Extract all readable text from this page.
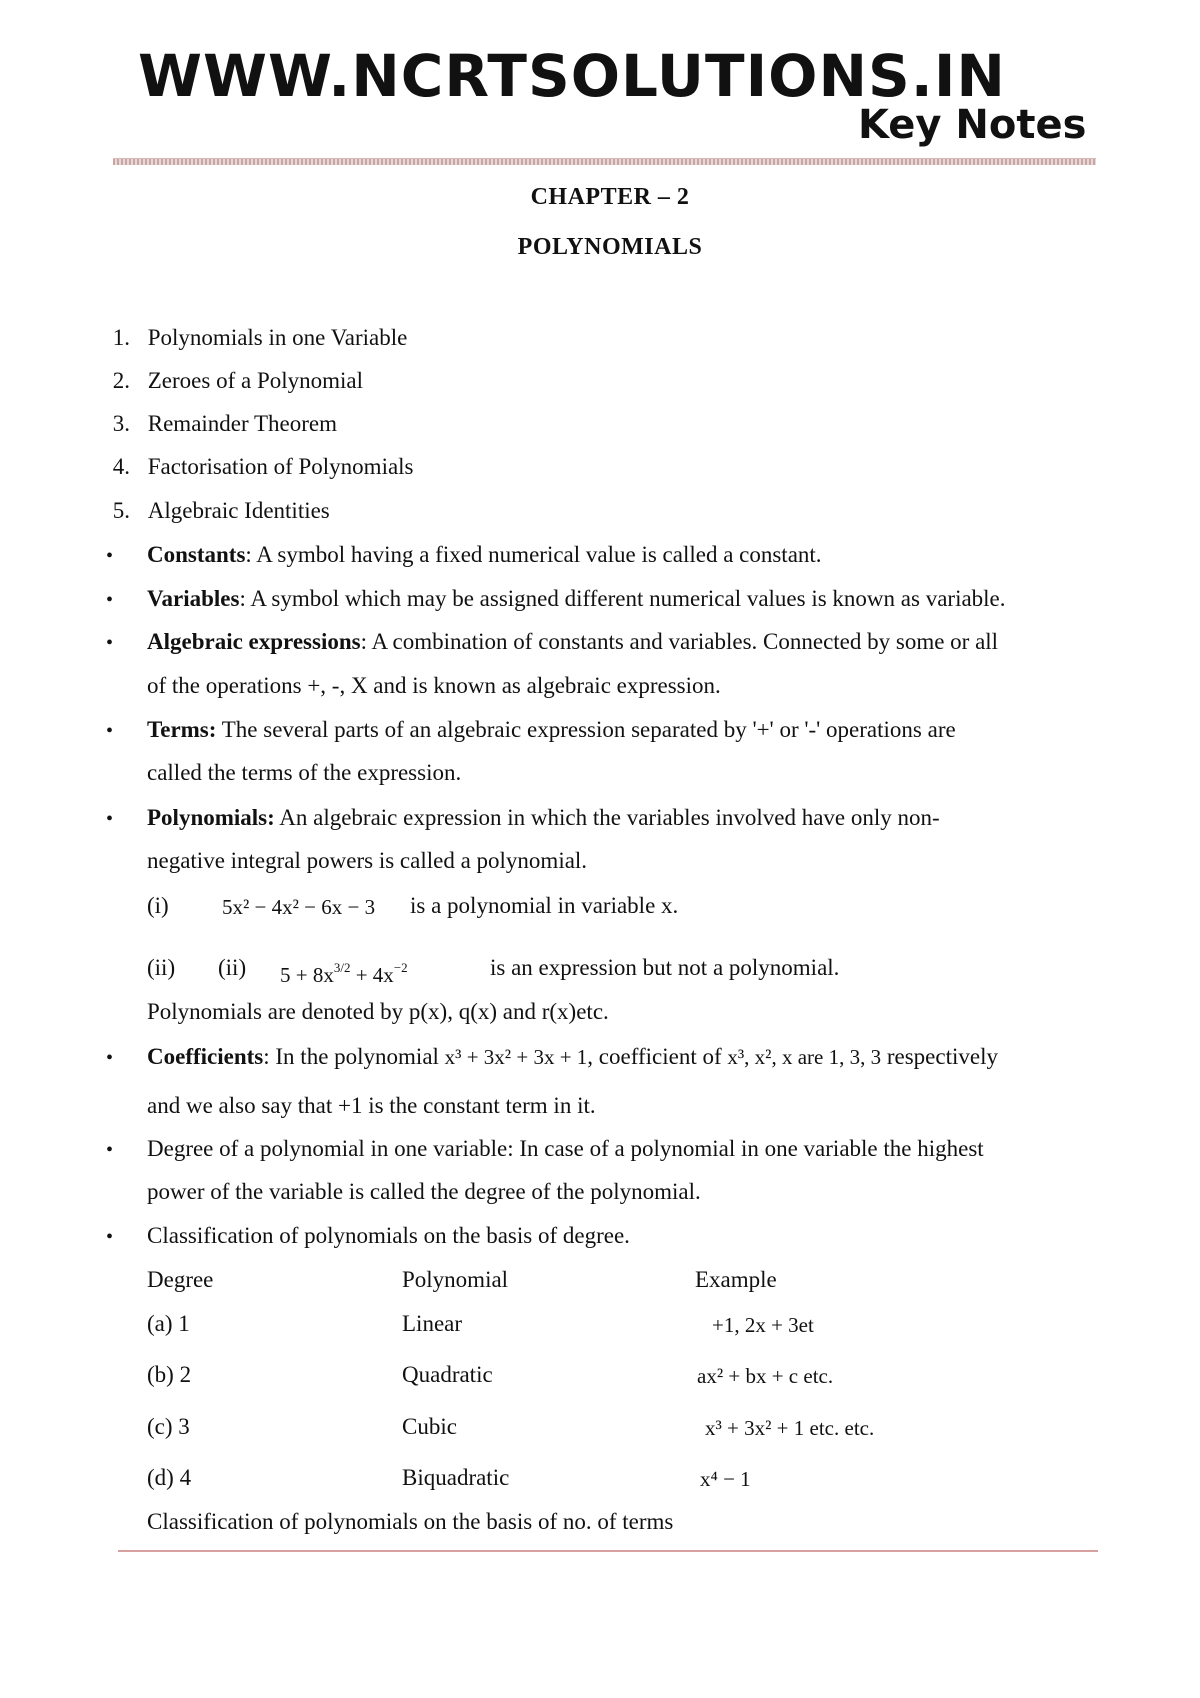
WWW.NCRTSOLUTIONS.IN
Key Notes
CHAPTER – 2
POLYNOMIALS
1. Polynomials in one Variable
2. Zeroes of a Polynomial
3. Remainder Theorem
4. Factorisation of Polynomials
5. Algebraic Identities
• Constants: A symbol having a fixed numerical value is called a constant.
• Variables: A symbol which may be assigned different numerical values is known as variable.
• Algebraic expressions: A combination of constants and variables. Connected by some or all
of the operations +, -, X and is known as algebraic expression.
• Terms: The several parts of an algebraic expression separated by '+' or '-' operations are
called the terms of the expression.
• Polynomials: An algebraic expression in which the variables involved have only non-
negative integral powers is called a polynomial.
(i)	5x² − 4x² − 6x − 3 is a polynomial in variable x.
(ii) (ii) $5 + 8x^{3/2} + 4x^{-2}$	is an expression but not a polynomial.
Polynomials are denoted by p(x), q(x) and r(x)etc.
• Coefficients: In the polynomial x³ + 3x² + 3x + 1, coefficient of x³, x², x are 1, 3, 3 respectively
and we also say that +1 is the constant term in it.
• Degree of a polynomial in one variable: In case of a polynomial in one variable the highest
power of the variable is called the degree of the polynomial.
• Classification of polynomials on the basis of degree.
Degree	Polynomial	Example
(a) 1	Linear	+1, 2x + 3et
(b) 2	Quadratic	ax² + bx + c etc.
(c) 3	Cubic	x³ + 3x² + 1 etc. etc.
(d) 4	Biquadratic	x⁴ − 1
Classification of polynomials on the basis of no. of terms
